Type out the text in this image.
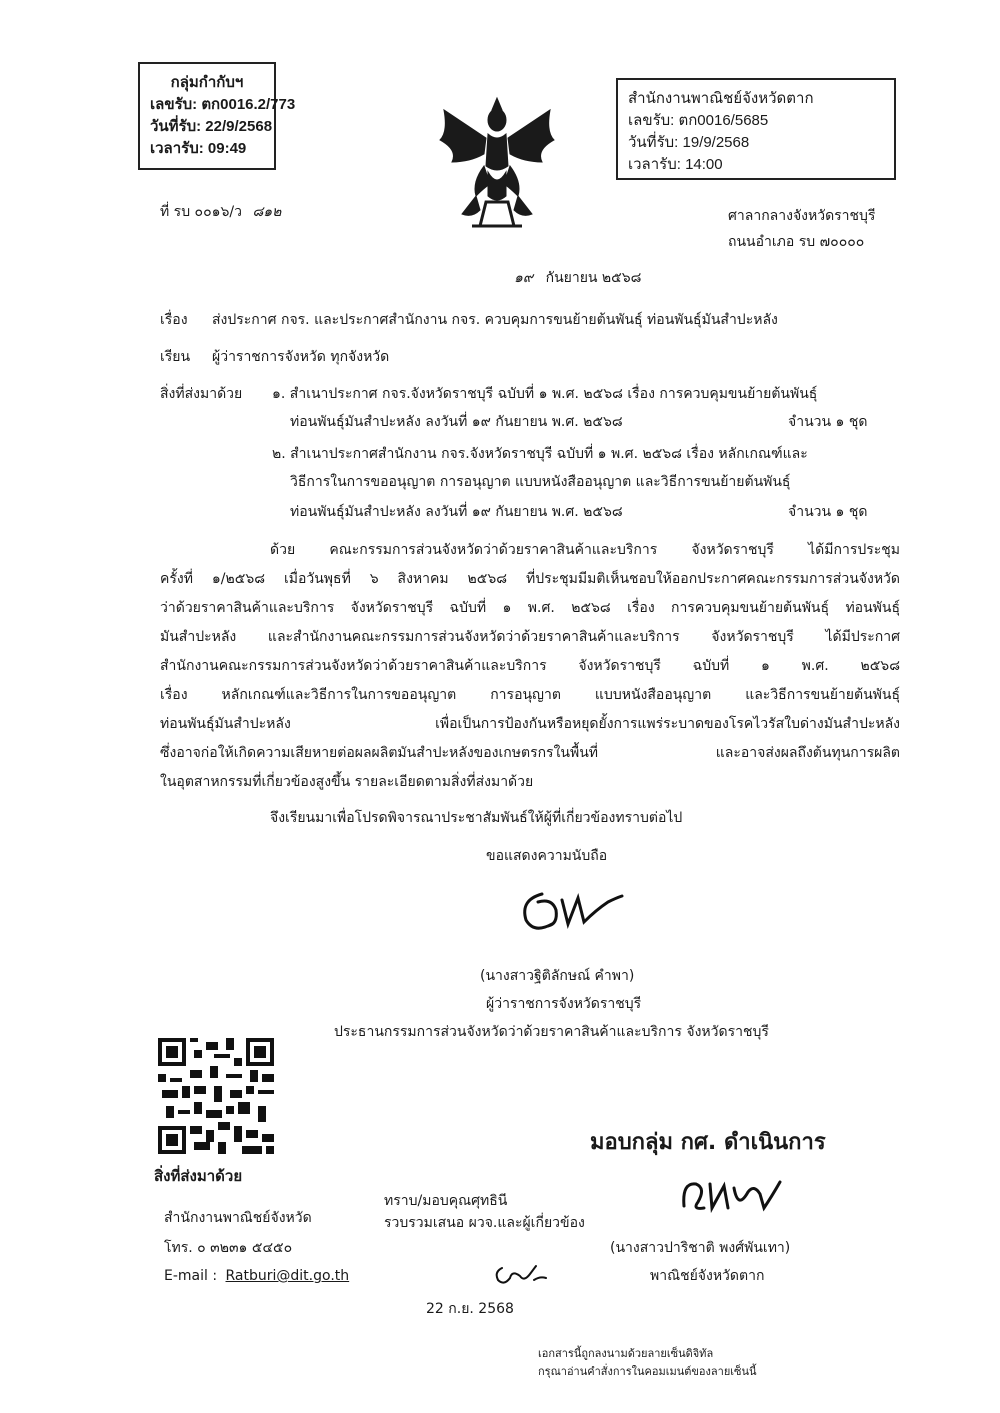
กลุ่มกำกับฯ
เลขรับ: ตก0016.2/773
วันที่รับ: 22/9/2568
เวลารับ: 09:49
สำนักงานพาณิชย์จังหวัดตาก
เลขรับ: ตก0016/5685
วันที่รับ: 19/9/2568
เวลารับ: 14:00
ที่ รบ ๐๐๑๖/ว ๘๑๒	ศาลากลางจังหวัดราชบุรี
ถนนอำเภอ รบ ๗๐๐๐๐
๑๙ กันยายน ๒๕๖๘
เรื่อง ส่งประกาศ กจร. และประกาศสำนักงาน กจร. ควบคุมการขนย้ายต้นพันธุ์ ท่อนพันธุ์มันสำปะหลัง
เรียน ผู้ว่าราชการจังหวัด ทุกจังหวัด
สิ่งที่ส่งมาด้วย ๑. สำเนาประกาศ กจร.จังหวัดราชบุรี ฉบับที่ ๑ พ.ศ. ๒๕๖๘ เรื่อง การควบคุมขนย้ายต้นพันธุ์
ท่อนพันธุ์มันสำปะหลัง ลงวันที่ ๑๙ กันยายน พ.ศ. ๒๕๖๘	จำนวน ๑ ชุด
๒. สำเนาประกาศสำนักงาน กจร.จังหวัดราชบุรี ฉบับที่ ๑ พ.ศ. ๒๕๖๘ เรื่อง หลักเกณฑ์และ
วิธีการในการขออนุญาต การอนุญาต แบบหนังสืออนุญาต และวิธีการขนย้ายต้นพันธุ์
ท่อนพันธุ์มันสำปะหลัง ลงวันที่ ๑๙ กันยายน พ.ศ. ๒๕๖๘	จำนวน ๑ ชุด
ด้วย คณะกรรมการส่วนจังหวัดว่าด้วยราคาสินค้าและบริการ จังหวัดราชบุรี ได้มีการประชุม
ครั้งที่ ๑/๒๕๖๘ เมื่อวันพุธที่ ๖ สิงหาคม ๒๕๖๘ ที่ประชุมมีมติเห็นชอบให้ออกประกาศคณะกรรมการส่วนจังหวัด
ว่าด้วยราคาสินค้าและบริการ จังหวัดราชบุรี ฉบับที่ ๑ พ.ศ. ๒๕๖๘ เรื่อง การควบคุมขนย้ายต้นพันธุ์ ท่อนพันธุ์
มันสำปะหลัง และสำนักงานคณะกรรมการส่วนจังหวัดว่าด้วยราคาสินค้าและบริการ จังหวัดราชบุรี ได้มีประกาศ
สำนักงานคณะกรรมการส่วนจังหวัดว่าด้วยราคาสินค้าและบริการ จังหวัดราชบุรี ฉบับที่ ๑ พ.ศ. ๒๕๖๘
เรื่อง หลักเกณฑ์และวิธีการในการขออนุญาต การอนุญาต แบบหนังสืออนุญาต และวิธีการขนย้ายต้นพันธุ์
ท่อนพันธุ์มันสำปะหลัง เพื่อเป็นการป้องกันหรือหยุดยั้งการแพร่ระบาดของโรคไวรัสใบด่างมันสำปะหลัง
ซึ่งอาจก่อให้เกิดความเสียหายต่อผลผลิตมันสำปะหลังของเกษตรกรในพื้นที่ และอาจส่งผลถึงต้นทุนการผลิต
ในอุตสาหกรรมที่เกี่ยวข้องสูงขึ้น รายละเอียดตามสิ่งที่ส่งมาด้วย
จึงเรียนมาเพื่อโปรดพิจารณาประชาสัมพันธ์ให้ผู้ที่เกี่ยวข้องทราบต่อไป
ขอแสดงความนับถือ
(นางสาวฐิติลักษณ์ คำพา)
ผู้ว่าราชการจังหวัดราชบุรี
ประธานกรรมการส่วนจังหวัดว่าด้วยราคาสินค้าและบริการ จังหวัดราชบุรี
สิ่งที่ส่งมาด้วย
สำนักงานพาณิชย์จังหวัด
โทร. ๐ ๓๒๓๑ ๕๔๕๐
E-mail : Ratburi@dit.go.th
มอบกลุ่ม กศ. ดำเนินการ
ทราบ/มอบคุณศุทธินี
รวบรวมเสนอ ผวจ.และผู้เกี่ยวข้อง
(นางสาวปาริชาติ พงศ์พันเทา)
พาณิชย์จังหวัดตาก
22 ก.ย. 2568
เอกสารนี้ถูกลงนามด้วยลายเซ็นดิจิทัล
กรุณาอ่านคำสั่งการในคอมเมนต์ของลายเซ็นนี้
